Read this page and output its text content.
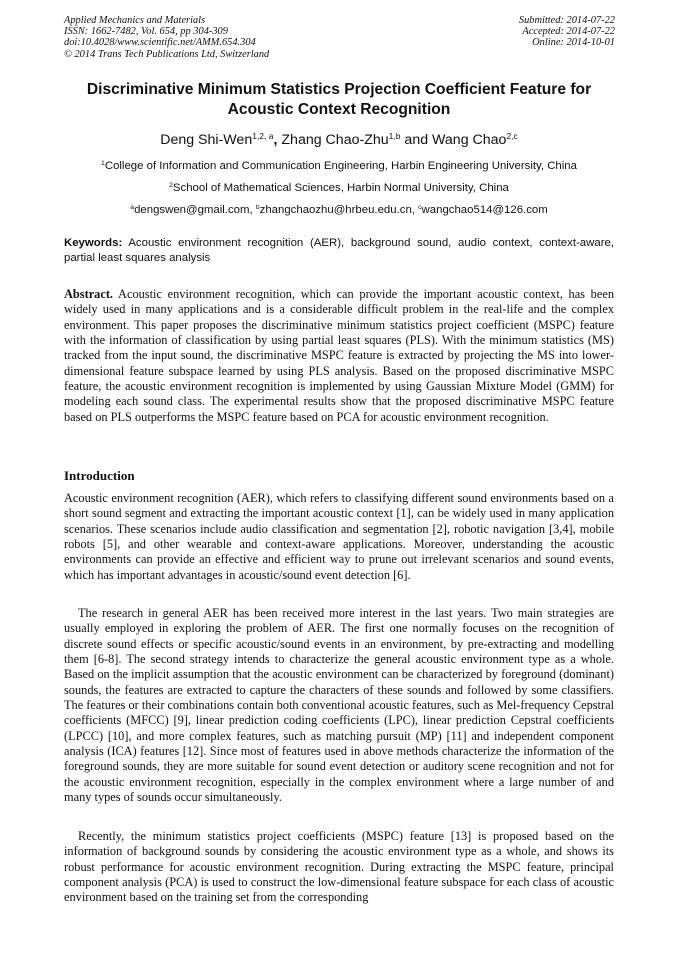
Applied Mechanics and Materials
ISSN: 1662-7482, Vol. 654, pp 304-309
doi:10.4028/www.scientific.net/AMM.654.304
© 2014 Trans Tech Publications Ltd, Switzerland
Submitted: 2014-07-22
Accepted: 2014-07-22
Online: 2014-10-01
Discriminative Minimum Statistics Projection Coefficient Feature for Acoustic Context Recognition
Deng Shi-Wen$^{1,2, a}$, Zhang Chao-Zhu$^{1,b}$ and Wang Chao$^{2,c}$
$^1$College of Information and Communication Engineering, Harbin Engineering University, China
$^2$School of Mathematical Sciences, Harbin Normal University, China
$^a$dengswen@gmail.com, $^b$zhangchaozhu@hrbeu.edu.cn, $^c$wangchao514@126.com
Keywords: Acoustic environment recognition (AER), background sound, audio context, context-aware, partial least squares analysis

Abstract. Acoustic environment recognition, which can provide the important acoustic context, has been widely used in many applications and is a considerable difficult problem in the real-life and the complex environment. This paper proposes the discriminative minimum statistics project coefficient (MSPC) feature with the information of classification by using partial least squares (PLS). With the minimum statistics (MS) tracked from the input sound, the discriminative MSPC feature is extracted by projecting the MS into lower-dimensional feature subspace learned by using PLS analysis. Based on the proposed discriminative MSPC feature, the acoustic environment recognition is implemented by using Gaussian Mixture Model (GMM) for modeling each sound class. The experimental results show that the proposed discriminative MSPC feature based on PLS outperforms the MSPC feature based on PCA for acoustic environment recognition.

Introduction

Acoustic environment recognition (AER), which refers to classifying different sound environments based on a short sound segment and extracting the important acoustic context [1], can be widely used in many application scenarios. These scenarios include audio classification and segmentation [2], robotic navigation [3,4], mobile robots [5], and other wearable and context-aware applications. Moreover, understanding the acoustic environments can provide an effective and efficient way to prune out irrelevant scenarios and sound events, which has important advantages in acoustic/sound event detection [6].

The research in general AER has been received more interest in the last years. Two main strategies are usually employed in exploring the problem of AER. The first one normally focuses on the recognition of discrete sound effects or specific acoustic/sound events in an environment, by pre-extracting and modelling them [6-8]. The second strategy intends to characterize the general acoustic environment type as a whole. Based on the implicit assumption that the acoustic environment can be characterized by foreground (dominant) sounds, the features are extracted to capture the characters of these sounds and followed by some classifiers. The features or their combinations contain both conventional acoustic features, such as Mel-frequency Cepstral coefficients (MFCC) [9], linear prediction coding coefficients (LPC), linear prediction Cepstral coefficients (LPCC) [10], and more complex features, such as matching pursuit (MP) [11] and independent component analysis (ICA) features [12]. Since most of features used in above methods characterize the information of the foreground sounds, they are more suitable for sound event detection or auditory scene recognition and not for the acoustic environment recognition, especially in the complex environment where a large number of and many types of sounds occur simultaneously.

Recently, the minimum statistics project coefficients (MSPC) feature [13] is proposed based on the information of background sounds by considering the acoustic environment type as a whole, and shows its robust performance for acoustic environment recognition. During extracting the MSPC feature, principal component analysis (PCA) is used to construct the low-dimensional feature subspace for each class of acoustic environment based on the training set from the corresponding
